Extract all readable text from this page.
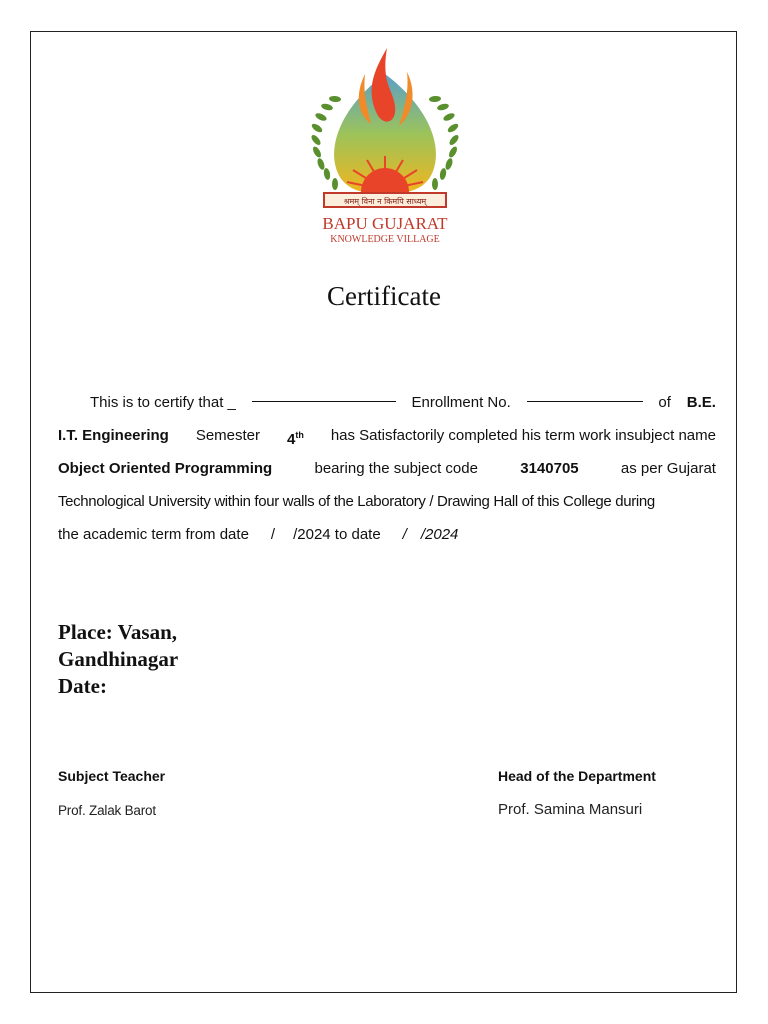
श्रमम् विना न किमपि साध्यम्
BAPU GUJARAT
KNOWLEDGE VILLAGE
Certificate
This is to certify that _	Enrollment No.	of B.E.
I.T. Engineering Semester 4th has Satisfactorily completed his term work insubject name
Object Oriented Programming	bearing the subject code	3140705	as per Gujarat
Technological University within four walls of the Laboratory / Drawing Hall of this College during
the academic term from date / /2024 to date / /2024
Place: Vasan,
Gandhinagar
Date:
Subject Teacher
Prof. Zalak Barot
Head of the Department
Prof. Samina Mansuri
